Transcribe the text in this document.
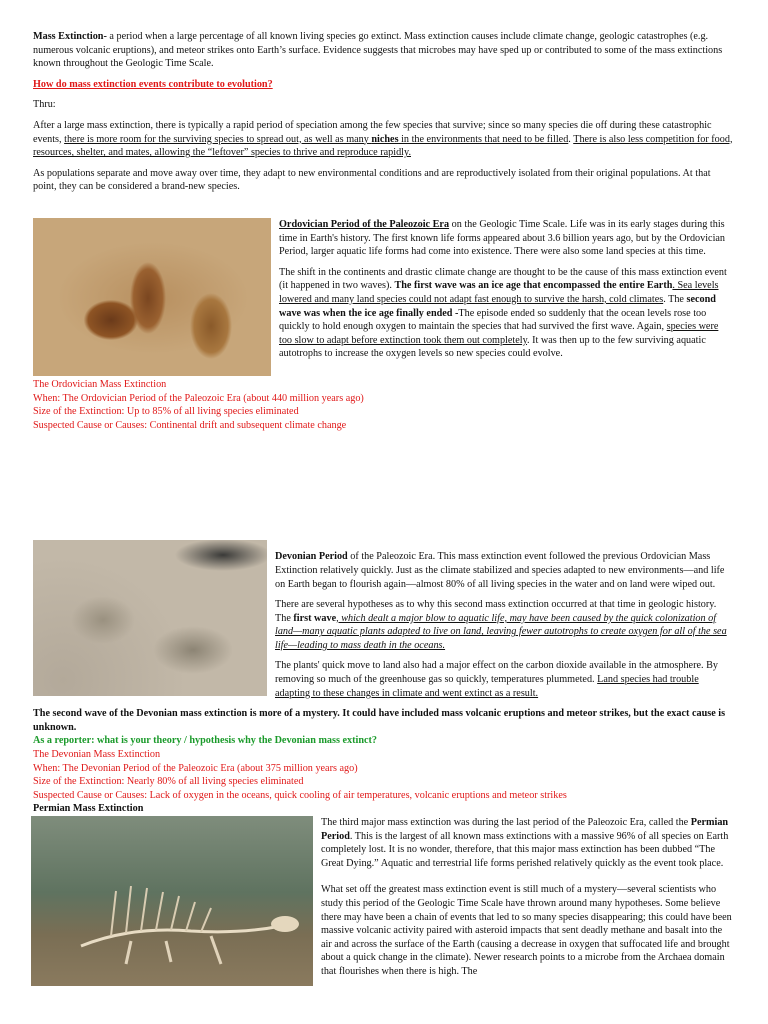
Mass Extinction- a period when a large percentage of all known living species go extinct. Mass extinction causes include climate change, geologic catastrophes (e.g. numerous volcanic eruptions), and meteor strikes onto Earth’s surface. Evidence suggests that microbes may have sped up or contributed to some of the mass extinctions known throughout the Geologic Time Scale.

How do mass extinction events contribute to evolution?

Thru:

After a large mass extinction, there is typically a rapid period of speciation among the few species that survive; since so many species die off during these catastrophic events, there is more room for the surviving species to spread out, as well as many niches in the environments that need to be filled. There is also less competition for food, resources, shelter, and mates, allowing the “leftover” species to thrive and reproduce rapidly.

As populations separate and move away over time, they adapt to new environmental conditions and are reproductively isolated from their original populations. At that point, they can be considered a brand-new species.

Ordovician Period of the Paleozoic Era on the Geologic Time Scale. Life was in its early stages during this time in Earth's history. The first known life forms appeared about 3.6 billion years ago, but by the Ordovician Period, larger aquatic life forms had come into existence. There were also some land species at this time.

The shift in the continents and drastic climate change are thought to be the cause of this mass extinction event (it happened in two waves). The first wave was an ice age that encompassed the entire Earth. Sea levels lowered and many land species could not adapt fast enough to survive the harsh, cold climates. The second wave was when the ice age finally ended -The episode ended so suddenly that the ocean levels rose too quickly to hold enough oxygen to maintain the species that had survived the first wave. Again, species were too slow to adapt before extinction took them out completely. It was then up to the few surviving aquatic autotrophs to increase the oxygen levels so new species could evolve.

The Ordovician Mass Extinction

When: The Ordovician Period of the Paleozoic Era (about 440 million years ago)

Size of the Extinction: Up to 85% of all living species eliminated

Suspected Cause or Causes: Continental drift and subsequent climate change

Devonian Period of the Paleozoic Era. This mass extinction event followed the previous Ordovician Mass Extinction relatively quickly. Just as the climate stabilized and species adapted to new environments—and life on Earth began to flourish again—almost 80% of all living species in the water and on land were wiped out.

There are several hypotheses as to why this second mass extinction occurred at that time in geologic history. The first wave, which dealt a major blow to aquatic life, may have been caused by the quick colonization of land—many aquatic plants adapted to live on land, leaving fewer autotrophs to create oxygen for all of the sea life—leading to mass death in the oceans.

The plants' quick move to land also had a major effect on the carbon dioxide available in the atmosphere. By removing so much of the greenhouse gas so quickly, temperatures plummeted. Land species had trouble adapting to these changes in climate and went extinct as a result.

The second wave of the Devonian mass extinction is more of a mystery. It could have included mass volcanic eruptions and meteor strikes, but the exact cause is unknown.

As a reporter: what is your theory / hypothesis why the Devonian mass extinct?

The Devonian Mass Extinction

When: The Devonian Period of the Paleozoic Era (about 375 million years ago)

Size of the Extinction: Nearly 80% of all living species eliminated

Suspected Cause or Causes: Lack of oxygen in the oceans, quick cooling of air temperatures, volcanic eruptions and meteor strikes

Permian Mass Extinction

The third major mass extinction was during the last period of the Paleozoic Era, called the Permian Period. This is the largest of all known mass extinctions with a massive 96% of all species on Earth completely lost. It is no wonder, therefore, that this major mass extinction has been dubbed “The Great Dying.” Aquatic and terrestrial life forms perished relatively quickly as the event took place.

What set off the greatest mass extinction event is still much of a mystery—several scientists who study this period of the Geologic Time Scale have thrown around many hypotheses. Some believe there may have been a chain of events that led to so many species disappearing; this could have been massive volcanic activity paired with asteroid impacts that sent deadly methane and basalt into the air and across the surface of the Earth (causing a decrease in oxygen that suffocated life and brought about a quick change in the climate). Newer research points to a microbe from the Archaea domain that flourishes when there is high. The
